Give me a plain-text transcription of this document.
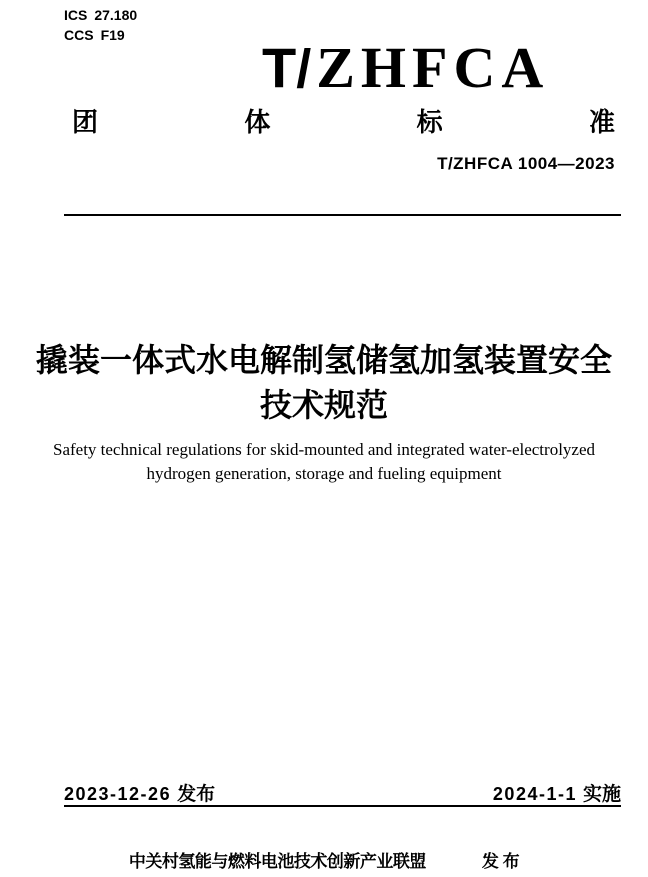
ICS 27.180
CCS F19
T/ZHFCA
团	体	标	准
T/ZHFCA 1004—2023
撬装一体式水电解制氢储氢加氢装置安全
技术规范
Safety technical regulations for skid-mounted and integrated water-electrolyzed
hydrogen generation, storage and fueling equipment
2023-12-26 发布	2024-1-1 实施
中关村氢能与燃料电池技术创新产业联盟	发 布
